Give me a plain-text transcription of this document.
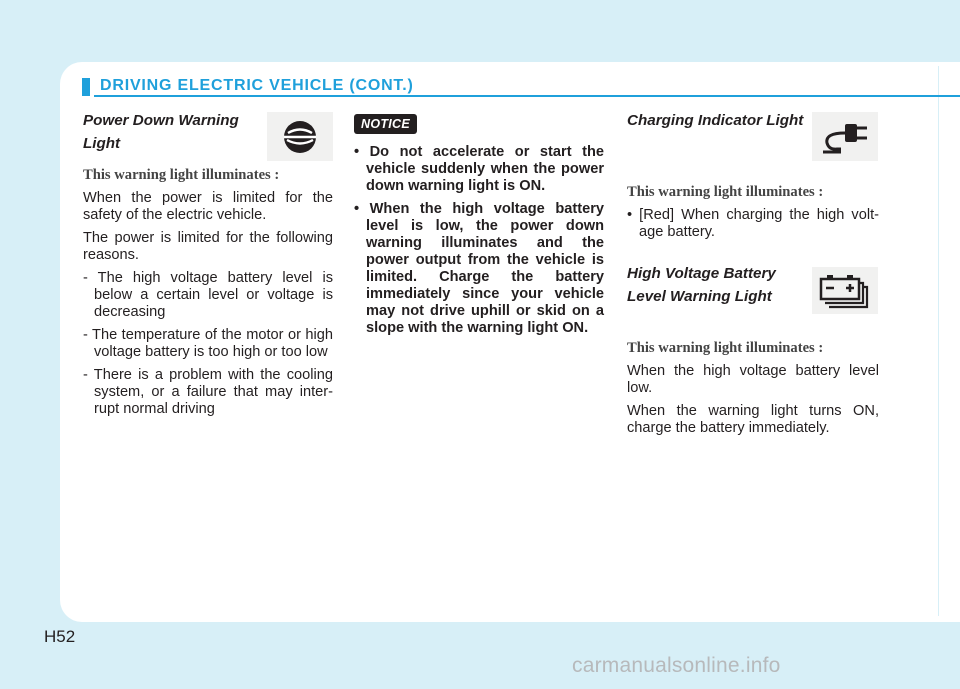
DRIVING ELECTRIC VEHICLE (CONT.)

Power Down Warning

Light

This warning light illuminates :

When the power is limited for the safety of the electric vehicle.

The power is limited for the following reasons.

- The high voltage battery level is below a certain level or voltage is decreasing

- The temperature of the motor or high voltage battery is too high or too low

- There is a problem with the cooling system, or a failure that may inter-rupt normal driving

NOTICE

• Do not accelerate or start the vehicle suddenly when the power down warning light is ON.

• When the high voltage battery level is low, the power down warning illuminates and the power output from the vehicle is limited. Charge the battery immediately since your vehicle may not drive uphill or skid on a slope with the warning light ON.

Charging Indicator Light

This warning light illuminates :

• [Red] When charging the high volt-age battery.

High Voltage Battery

Level Warning Light

This warning light illuminates :

When the high voltage battery level low.

When the warning light turns ON, charge the battery immediately.

H52
carmanualsonline.info
